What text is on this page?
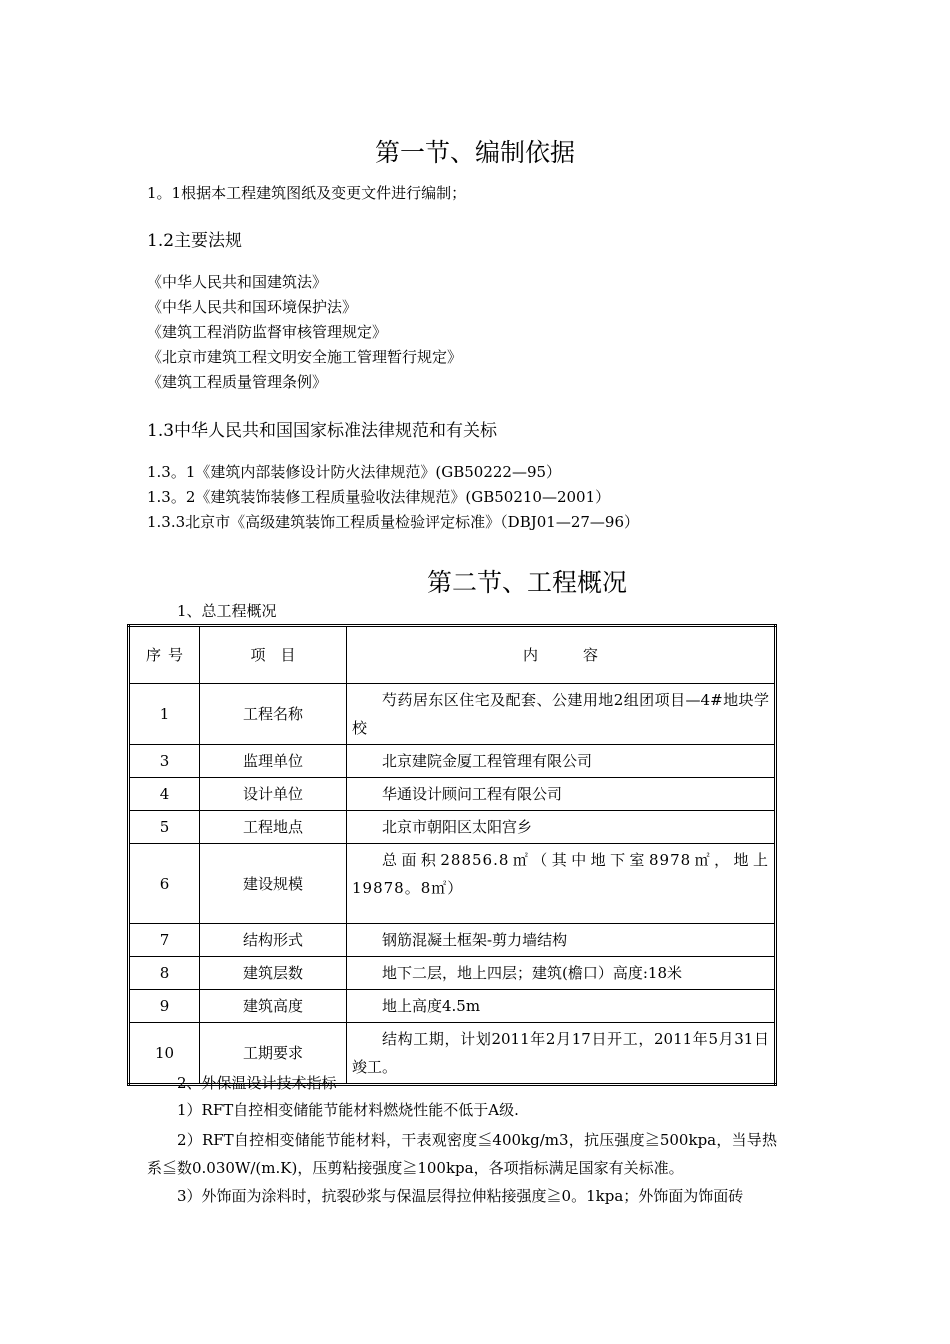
第一节、编制依据
1。1根据本工程建筑图纸及变更文件进行编制；
1.2主要法规
《中华人民共和国建筑法》
《中华人民共和国环境保护法》
《建筑工程消防监督审核管理规定》
《北京市建筑工程文明安全施工管理暂行规定》
《建筑工程质量管理条例》
1.3中华人民共和国国家标准法律规范和有关标
1.3。1《建筑内部装修设计防火法律规范》(GB50222—95）
1.3。2《建筑装饰装修工程质量验收法律规范》(GB50210—2001）
1.3.3北京市《高级建筑装饰工程质量检验评定标准》（DBJ01—27—96）
第二节、工程概况
1、总工程概况
序号	项　目	内　　　容
1	工程名称	芍药居东区住宅及配套、公建用地2组团项目—4#地块学校
3	监理单位	北京建院金厦工程管理有限公司
4	设计单位	华通设计顾问工程有限公司
5	工程地点	北京市朝阳区太阳宫乡
6	建设规模	总面积28856.8㎡（其中地下室8978㎡，地上19878。8㎡）
7	结构形式	钢筋混凝土框架-剪力墙结构
8	建筑层数	地下二层，地上四层；建筑(檐口）高度:18米
9	建筑高度	地上高度4.5m
10	工期要求	结构工期，计划2011年2月17日开工，2011年5月31日竣工。
2、外保温设计技术指标
1）RFT自控相变储能节能材料燃烧性能不低于A级.
2）RFT自控相变储能节能材料，干表观密度≦400kg/m3，抗压强度≧500kpa，当导热系≦数0.030W/(m.K)，压剪粘接强度≧100kpa，各项指标满足国家有关标准。
3）外饰面为涂料时，抗裂砂浆与保温层得拉伸粘接强度≧0。1kpa；外饰面为饰面砖
